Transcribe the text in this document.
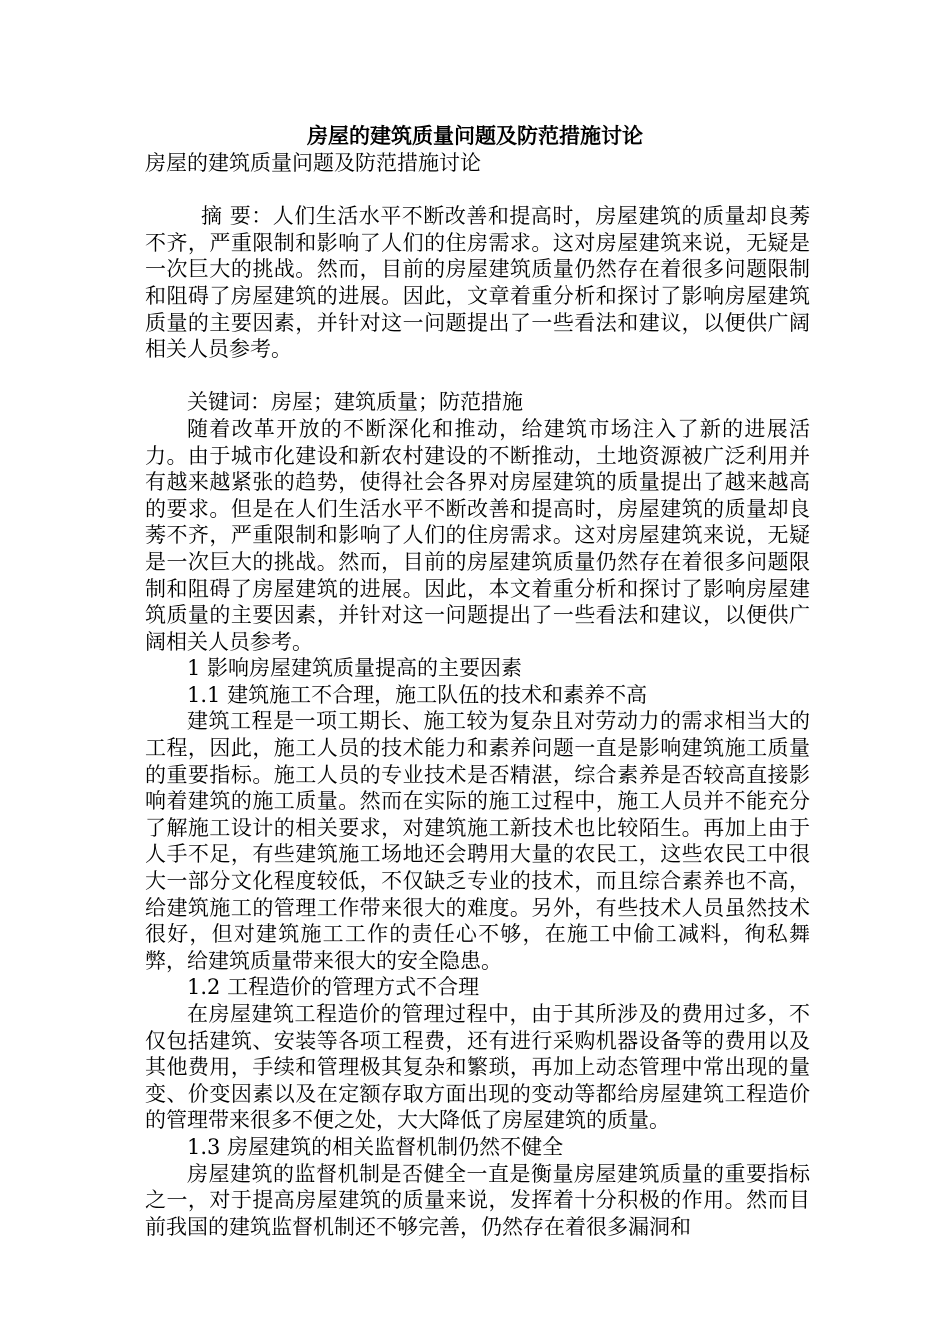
房屋的建筑质量问题及防范措施讨论

房屋的建筑质量问题及防范措施讨论

摘 要：人们生活水平不断改善和提高时，房屋建筑的质量却良莠不齐，严重限制和影响了人们的住房需求。这对房屋建筑来说，无疑是一次巨大的挑战。然而，目前的房屋建筑质量仍然存在着很多问题限制和阻碍了房屋建筑的进展。因此，文章着重分析和探讨了影响房屋建筑质量的主要因素，并针对这一问题提出了一些看法和建议，以便供广阔相关人员参考。

关键词：房屋；建筑质量；防范措施

随着改革开放的不断深化和推动，给建筑市场注入了新的进展活力。由于城市化建设和新农村建设的不断推动，土地资源被广泛利用并有越来越紧张的趋势，使得社会各界对房屋建筑的质量提出了越来越高的要求。但是在人们生活水平不断改善和提高时，房屋建筑的质量却良莠不齐，严重限制和影响了人们的住房需求。这对房屋建筑来说，无疑是一次巨大的挑战。然而，目前的房屋建筑质量仍然存在着很多问题限制和阻碍了房屋建筑的进展。因此，本文着重分析和探讨了影响房屋建筑质量的主要因素，并针对这一问题提出了一些看法和建议，以便供广阔相关人员参考。

1 影响房屋建筑质量提高的主要因素

1.1 建筑施工不合理，施工队伍的技术和素养不高

建筑工程是一项工期长、施工较为复杂且对劳动力的需求相当大的工程，因此，施工人员的技术能力和素养问题一直是影响建筑施工质量的重要指标。施工人员的专业技术是否精湛，综合素养是否较高直接影响着建筑的施工质量。然而在实际的施工过程中，施工人员并不能充分了解施工设计的相关要求，对建筑施工新技术也比较陌生。再加上由于人手不足，有些建筑施工场地还会聘用大量的农民工，这些农民工中很大一部分文化程度较低，不仅缺乏专业的技术，而且综合素养也不高，给建筑施工的管理工作带来很大的难度。另外，有些技术人员虽然技术很好，但对建筑施工工作的责任心不够，在施工中偷工减料，徇私舞弊，给建筑质量带来很大的安全隐患。

1.2 工程造价的管理方式不合理

在房屋建筑工程造价的管理过程中，由于其所涉及的费用过多，不仅包括建筑、安装等各项工程费，还有进行采购机器设备等的费用以及其他费用，手续和管理极其复杂和繁琐，再加上动态管理中常出现的量变、价变因素以及在定额存取方面出现的变动等都给房屋建筑工程造价的管理带来很多不便之处，大大降低了房屋建筑的质量。

1.3 房屋建筑的相关监督机制仍然不健全

房屋建筑的监督机制是否健全一直是衡量房屋建筑质量的重要指标之一，对于提高房屋建筑的质量来说，发挥着十分积极的作用。然而目前我国的建筑监督机制还不够完善，仍然存在着很多漏洞和
